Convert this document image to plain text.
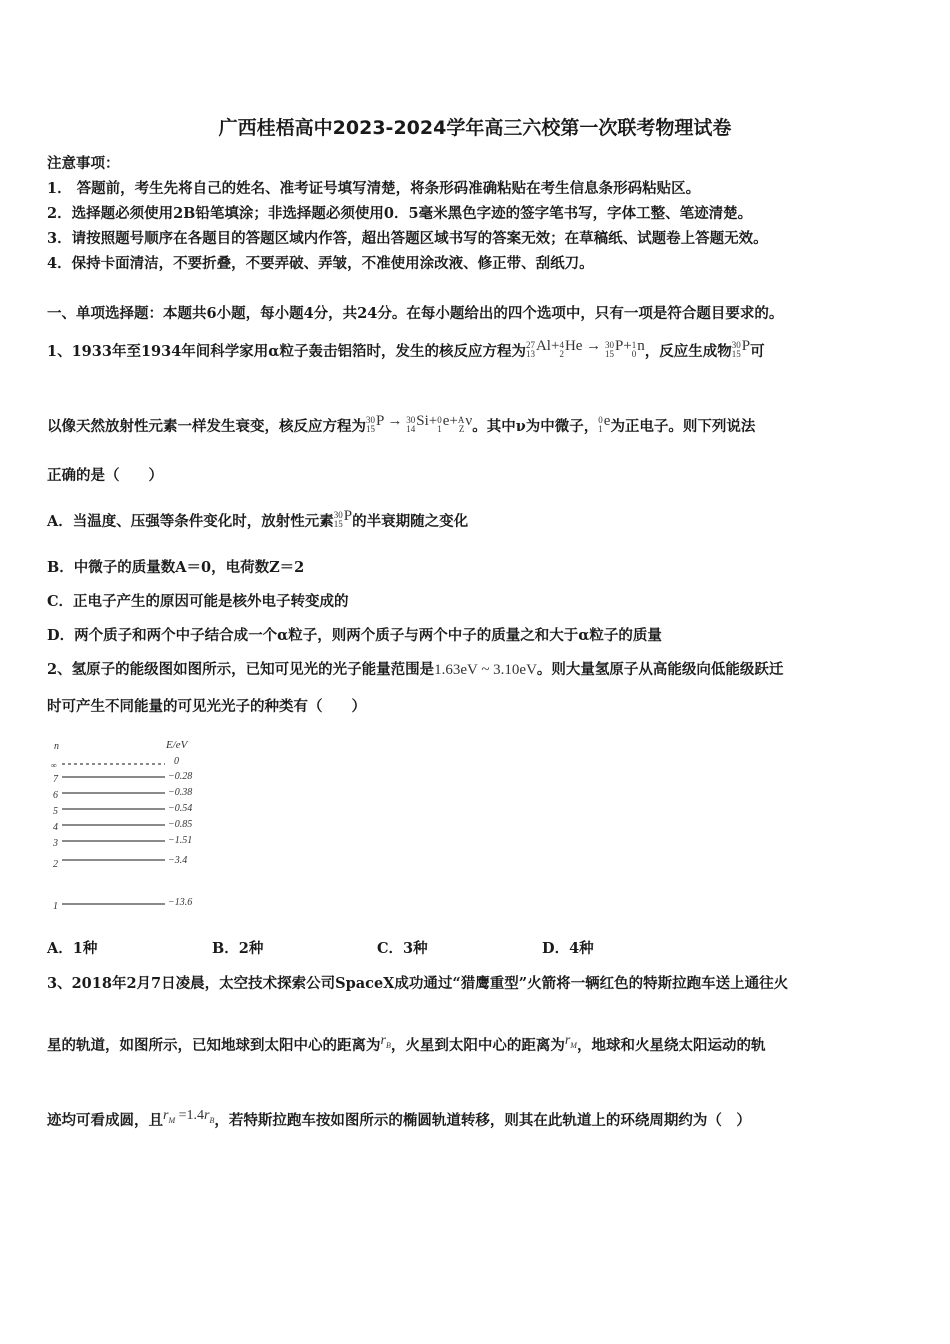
广西桂梧高中2023-2024学年高三六校第一次联考物理试卷
注意事项：
1． 答题前，考生先将自己的姓名、准考证号填写清楚，将条形码准确粘贴在考生信息条形码粘贴区。
2．选择题必须使用2B铅笔填涂；非选择题必须使用0．5毫米黑色字迹的签字笔书写，字体工整、笔迹清楚。
3．请按照题号顺序在各题目的答题区域内作答，超出答题区域书写的答案无效；在草稿纸、试题卷上答题无效。
4．保持卡面清洁，不要折叠，不要弄破、弄皱，不准使用涂改液、修正带、刮纸刀。
一、单项选择题：本题共6小题，每小题4分，共24分。在每小题给出的四个选项中，只有一项是符合题目要求的。
1、1933年至1934年间科学家用α粒子轰击铝箔时，发生的核反应方程为 27
13 Al+ 4
2 He → 30
15 P+ 1
0 n，反应生成物 30
15 P可
以像天然放射性元素一样发生衰变，核反应方程为 30
15 P → 30
14 Si+ 0
1 e+ A
Z ν。其中ν为中微子， 0
1 e为正电子。则下列说法
正确的是（　　）
A．当温度、压强等条件变化时，放射性元素 30
15 P的半衰期随之变化
B．中微子的质量数A＝0，电荷数Z＝2
C．正电子产生的原因可能是核外电子转变成的
D．两个质子和两个中子结合成一个α粒子，则两个质子与两个中子的质量之和大于α粒子的质量
2、氢原子的能级图如图所示，已知可见光的光子能量范围是1.63eV ~ 3.10eV。则大量氢原子从高能级向低能级跃迁
时可产生不同能量的可见光光子的种类有（　　）
n	E/eV
∞	0
7	−0.28
6	−0.38
5	−0.54
4	−0.85
3	−1.51
2	−3.4
1	−13.6
A．1种	B．2种	C．3种	D．4种
3、2018年2月7日凌晨，太空技术探索公司SpaceX成功通过“猎鹰重型”火箭将一辆红色的特斯拉跑车送上通往火
星的轨道，如图所示，已知地球到太阳中心的距离为$r_B$，火星到太阳中心的距离为$r_M$，地球和火星绕太阳运动的轨
迹均可看成圆，且$r_M =1.4r_B$，若特斯拉跑车按如图所示的椭圆轨道转移，则其在此轨道上的环绕周期约为（　）
